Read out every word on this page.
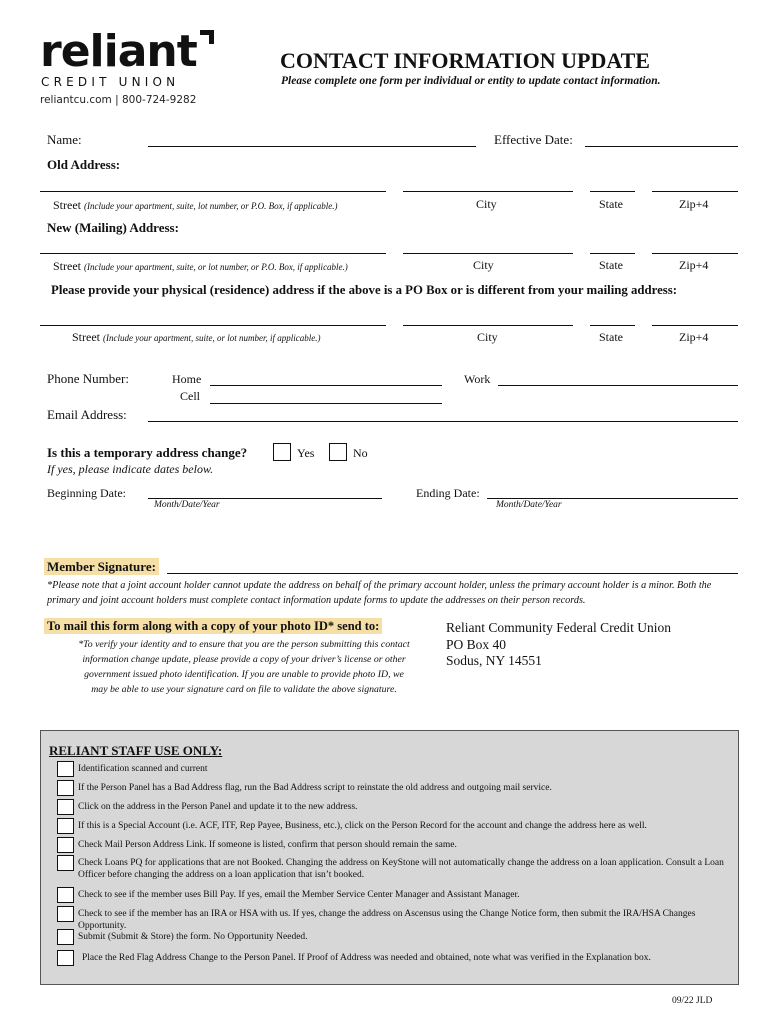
reliant
CREDIT UNION
reliantcu.com | 800-724-9282
CONTACT INFORMATION UPDATE
Please complete one form per individual or entity to update contact information.
Name:	Effective Date:
Old Address:
Street (Include your apartment, suite, lot number, or P.O. Box, if applicable.)	City	State	Zip+4
New (Mailing) Address:
Street (Include your apartment, suite, or lot number, or P.O. Box, if applicable.)	City	State	Zip+4
Please provide your physical (residence) address if the above is a PO Box or is different from your mailing address:
Street (Include your apartment, suite, or lot number, if applicable.)	City	State	Zip+4
Phone Number:	Home
Cell
Work
Email Address:
Is this a temporary address change?	Yes	No
If yes, please indicate dates below.
Beginning Date:
Month/Date/Year
Ending Date:
Month/Date/Year
Member Signature:
*Please note that a joint account holder cannot update the address on behalf of the primary account holder, unless the primary account holder is a minor. Both the primary and joint account holders must complete contact information update forms to update the addresses on their person records.
To mail this form along with a copy of your photo ID* send to:
*To verify your identity and to ensure that you are the person submitting this contact
information change update, please provide a copy of your driver’s license or other
government issued photo identification. If you are unable to provide photo ID, we
may be able to use your signature card on file to validate the above signature.
Reliant Community Federal Credit Union
PO Box 40
Sodus, NY 14551
RELIANT STAFF USE ONLY:
Identification scanned and current
If the Person Panel has a Bad Address flag, run the Bad Address script to reinstate the old address and outgoing mail service.
Click on the address in the Person Panel and update it to the new address.
If this is a Special Account (i.e. ACF, ITF, Rep Payee, Business, etc.), click on the Person Record for the account and change the address here as well.
Check Mail Person Address Link. If someone is listed, confirm that person should remain the same.
Check Loans PQ for applications that are not Booked. Changing the address on KeyStone will not automatically change the address on a loan application. Consult a Loan Officer before changing the address on a loan application that isn’t booked.
Check to see if the member uses Bill Pay. If yes, email the Member Service Center Manager and Assistant Manager.
Check to see if the member has an IRA or HSA with us. If yes, change the address on Ascensus using the Change Notice form, then submit the IRA/HSA Changes Opportunity.
Submit (Submit & Store) the form. No Opportunity Needed.
Place the Red Flag Address Change to the Person Panel. If Proof of Address was needed and obtained, note what was verified in the Explanation box.
09/22 JLD
